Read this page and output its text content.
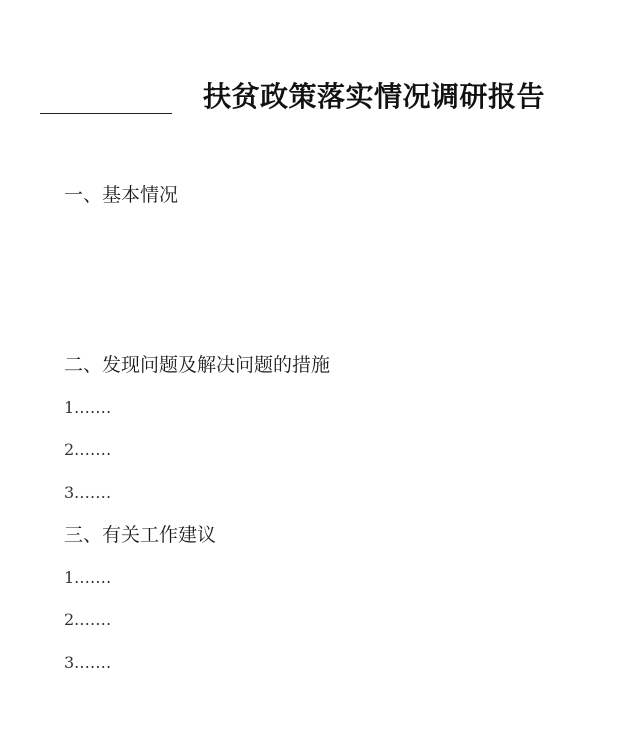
扶贫政策落实情况调研报告
一、基本情况
二、发现问题及解决问题的措施
1.……
2.……
3.……
三、有关工作建议
1.……
2.……
3.……
